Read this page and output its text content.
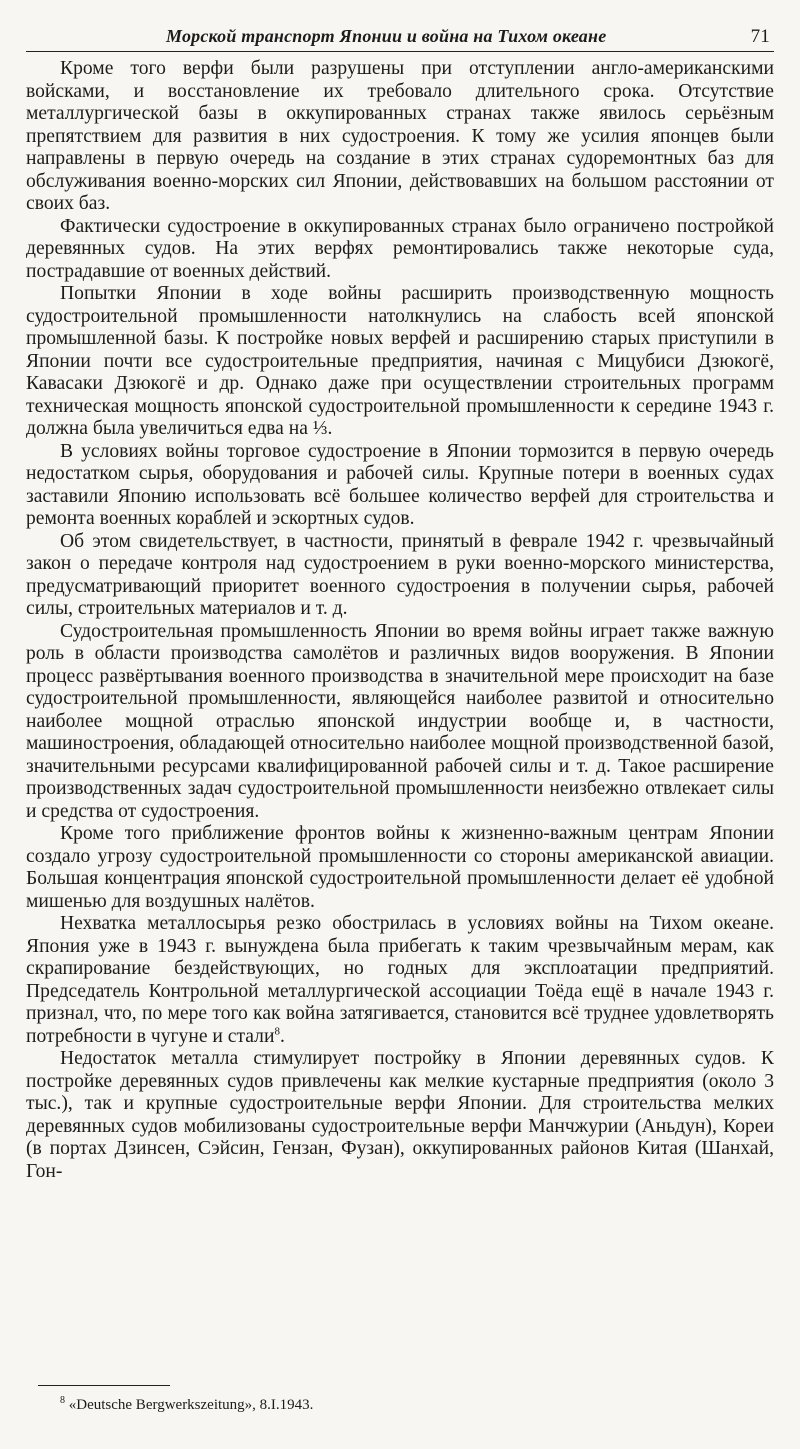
Морской транспорт Японии и война на Тихом океане	71

Кроме того верфи были разрушены при отступлении англо-американскими войсками, и восстановление их требовало длительного срока. Отсутствие металлургической базы в оккупированных странах также явилось серьёзным препятствием для развития в них судостроения. К тому же усилия японцев были направлены в первую очередь на создание в этих странах судоремонтных баз для обслуживания военно-морских сил Японии, действовавших на большом расстоянии от своих баз.

Фактически судостроение в оккупированных странах было ограничено постройкой деревянных судов. На этих верфях ремонтировались также некоторые суда, пострадавшие от военных действий.

Попытки Японии в ходе войны расширить производственную мощность судостроительной промышленности натолкнулись на слабость всей японской промышленной базы. К постройке новых верфей и расширению старых приступили в Японии почти все судостроительные предприятия, начиная с Мицубиси Дзюкогё, Кавасаки Дзюкогё и др. Однако даже при осуществлении строительных программ техническая мощность японской судостроительной промышленности к середине 1943 г. должна была увеличиться едва на ⅓.

В условиях войны торговое судостроение в Японии тормозится в первую очередь недостатком сырья, оборудования и рабочей силы. Крупные потери в военных судах заставили Японию использовать всё большее количество верфей для строительства и ремонта военных кораблей и эскортных судов.

Об этом свидетельствует, в частности, принятый в феврале 1942 г. чрезвычайный закон о передаче контроля над судостроением в руки военно-морского министерства, предусматривающий приоритет военного судостроения в получении сырья, рабочей силы, строительных материалов и т. д.

Судостроительная промышленность Японии во время войны играет также важную роль в области производства самолётов и различных видов вооружения. В Японии процесс развёртывания военного производства в значительной мере происходит на базе судостроительной промышленности, являющейся наиболее развитой и относительно наиболее мощной отраслью японской индустрии вообще и, в частности, машиностроения, обладающей относительно наиболее мощной производственной базой, значительными ресурсами квалифицированной рабочей силы и т. д. Такое расширение производственных задач судостроительной промышленности неизбежно отвлекает силы и средства от судостроения.

Кроме того приближение фронтов войны к жизненно-важным центрам Японии создало угрозу судостроительной промышленности со стороны американской авиации. Большая концентрация японской судостроительной промышленности делает её удобной мишенью для воздушных налётов.

Нехватка металлосырья резко обострилась в условиях войны на Тихом океане. Япония уже в 1943 г. вынуждена была прибегать к таким чрезвычайным мерам, как скрапирование бездействующих, но годных для эксплоатации предприятий. Председатель Контрольной металлургической ассоциации Тоёда ещё в начале 1943 г. признал, что, по мере того как война затягивается, становится всё труднее удовлетворять потребности в чугуне и стали$^8$.

Недостаток металла стимулирует постройку в Японии деревянных судов. К постройке деревянных судов привлечены как мелкие кустарные предприятия (около 3 тыс.), так и крупные судостроительные верфи Японии. Для строительства мелких деревянных судов мобилизованы судостроительные верфи Манчжурии (Аньдун), Кореи (в портах Дзинсен, Сэйсин, Гензан, Фузан), оккупированных районов Китая (Шанхай, Гон-

$^8$ «Deutsche Bergwerkszeitung», 8.I.1943.
